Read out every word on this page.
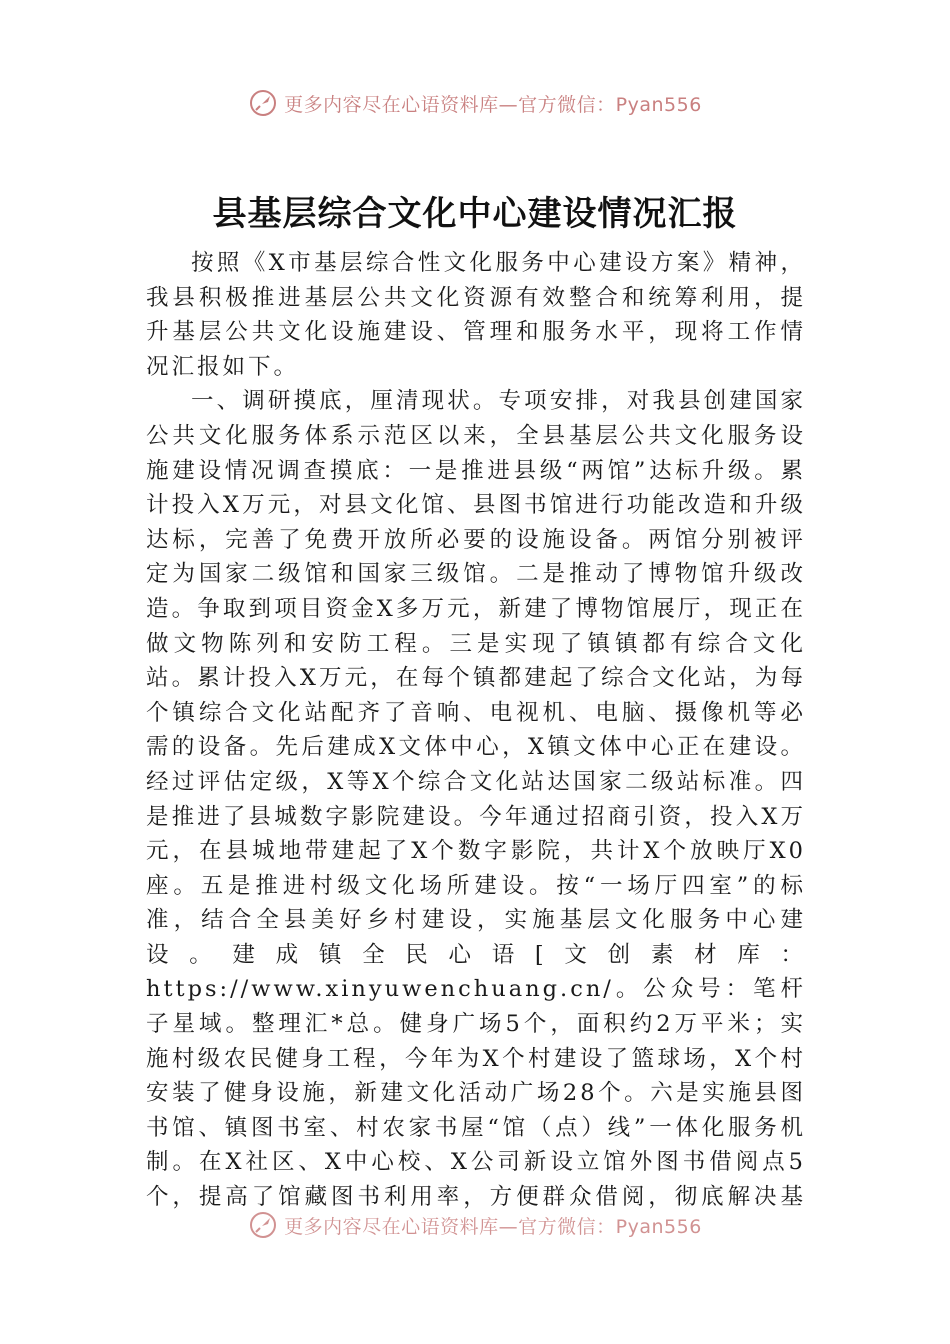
更多内容尽在心语资料库—官方微信：Pyan556
县基层综合文化中心建设情况汇报

按照《X市基层综合性文化服务中心建设方案》精神，我县积极推进基层公共文化资源有效整合和统筹利用，提升基层公共文化设施建设、管理和服务水平，现将工作情况汇报如下。

一、调研摸底，厘清现状。专项安排，对我县创建国家公共文化服务体系示范区以来，全县基层公共文化服务设施建设情况调查摸底：一是推进县级“两馆”达标升级。累计投入X万元，对县文化馆、县图书馆进行功能改造和升级达标，完善了免费开放所必要的设施设备。两馆分别被评定为国家二级馆和国家三级馆。二是推动了博物馆升级改造。争取到项目资金X多万元，新建了博物馆展厅，现正在做文物陈列和安防工程。三是实现了镇镇都有综合文化站。累计投入X万元，在每个镇都建起了综合文化站，为每个镇综合文化站配齐了音响、电视机、电脑、摄像机等必需的设备。先后建成X文体中心，X镇文体中心正在建设。经过评估定级，X等X个综合文化站达国家二级站标准。四是推进了县城数字影院建设。今年通过招商引资，投入X万元，在县城地带建起了X个数字影院，共计X个放映厅X0座。五是推进村级文化场所建设。按“一场厅四室”的标准，结合全县美好乡村建设，实施基层文化服务中心建设。建成镇全民心语[文创素材库：https://www.xinyuwenchuang.cn/。公众号：笔杆子星域。整理汇*总。健身广场5个，面积约2万平米；实施村级农民健身工程，今年为X个村建设了篮球场，X个村安装了健身设施，新建文化活动广场28个。六是实施县图书馆、镇图书室、村农家书屋“馆（点）线”一体化服务机制。在X社区、X中心校、X公司新设立馆外图书借阅点5个，提高了馆藏图书利用率，方便群众借阅，彻底解决基

更多内容尽在心语资料库—官方微信：Pyan556
